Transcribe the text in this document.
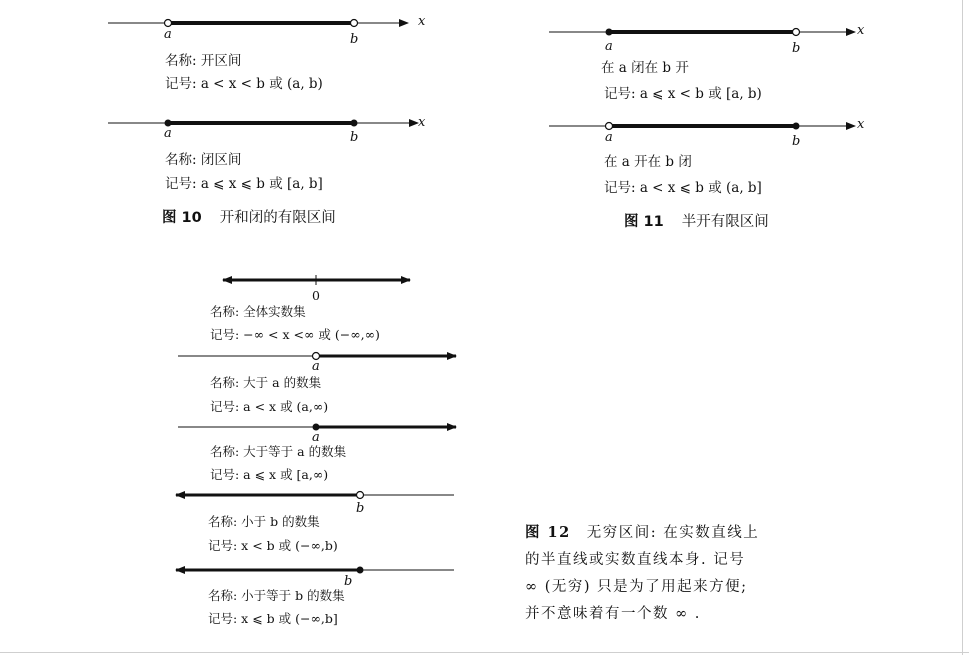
a	b
x
名称: 开区间
记号: a < x < b 或 (a, b)
a	b
x
名称: 闭区间
记号: a ⩽ x ⩽ b 或 [a, b]
图 10 开和闭的有限区间
a	b
x
在 a 闭在 b 开
记号: a ⩽ x < b 或 [a, b)
a	b
x
在 a 开在 b 闭
记号: a < x ⩽ b 或 (a, b]
图 11 半开有限区间
0
名称: 全体实数集
记号: −∞ < x <∞ 或 (−∞,∞)
a
名称: 大于 a 的数集
记号: a < x 或 (a,∞)
a
名称: 大于等于 a 的数集
记号: a ⩽ x 或 [a,∞)
b
名称: 小于 b 的数集
记号: x < b 或 (−∞,b)
b
名称: 小于等于 b 的数集
记号: x ⩽ b 或 (−∞,b]
图 12 无穷区间: 在实数直线上
的半直线或实数直线本身. 记号
∞ (无穷) 只是为了用起来方便;
并不意味着有一个数 ∞ .
